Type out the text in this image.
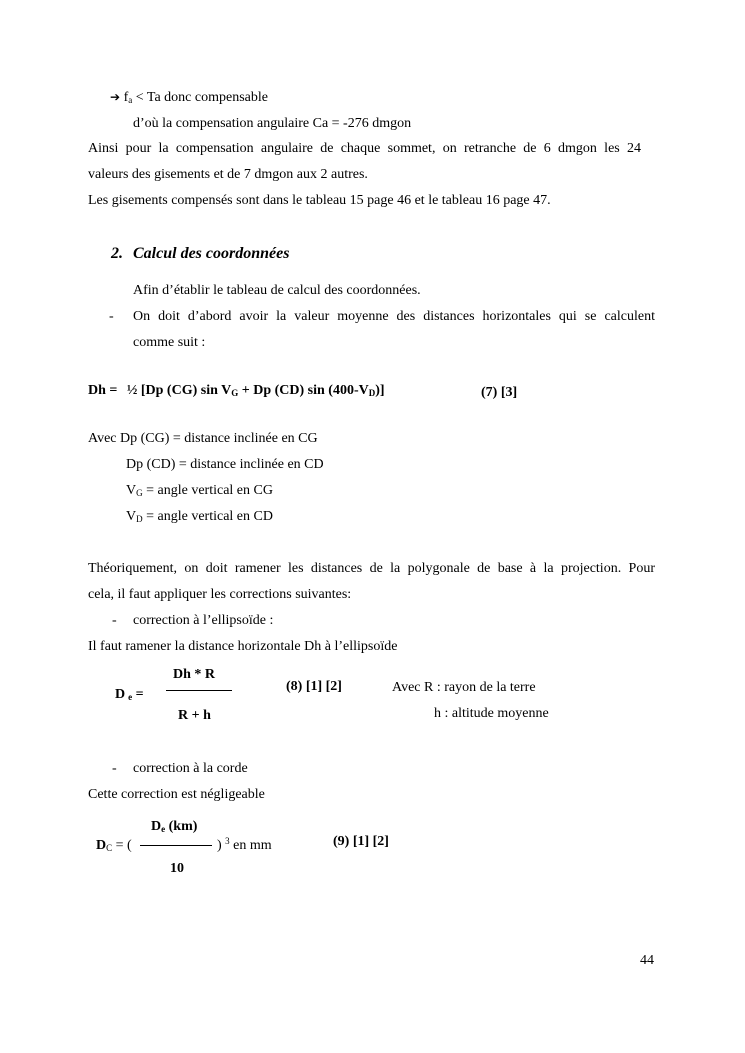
➔ $f_a < Ta$ donc compensable
d’où la compensation angulaire Ca = -276 dmgon
Ainsi pour la compensation angulaire de chaque sommet, on retranche de 6 dmgon les 24
valeurs des gisements et de 7 dmgon aux 2 autres.
Les gisements compensés sont dans le tableau 15 page 46 et le tableau 16 page 47.
2. Calcul des coordonnées
Afin d’établir le tableau de calcul des coordonnées.
- On doit d’abord avoir la valeur moyenne des distances horizontales qui se calculent
comme suit :
Dh = ½ [Dp (CG) $\sin V_G + Dp$ (CD) $\sin (400-V_D)$]	(7) [3]
Avec Dp (CG) = distance inclinée en CG
Dp (CD) = distance inclinée en CD
$V_G$ = angle vertical en CG
$V_D$ = angle vertical en CD
Théoriquement, on doit ramener les distances de la polygonale de base à la projection. Pour
cela, il faut appliquer les corrections suivantes:
- correction à l’ellipsoïde :
Il faut ramener la distance horizontale Dh à l’ellipsoïde
Dh * R
D $_e$ =
R + h
(8) [1] [2]	Avec R : rayon de la terre
h : altitude moyenne
- correction à la corde
Cette correction est négligeable
$D_e$ (km)
$D_C$ = (	) $^3$ en mm
10
(9) [1] [2]
44
